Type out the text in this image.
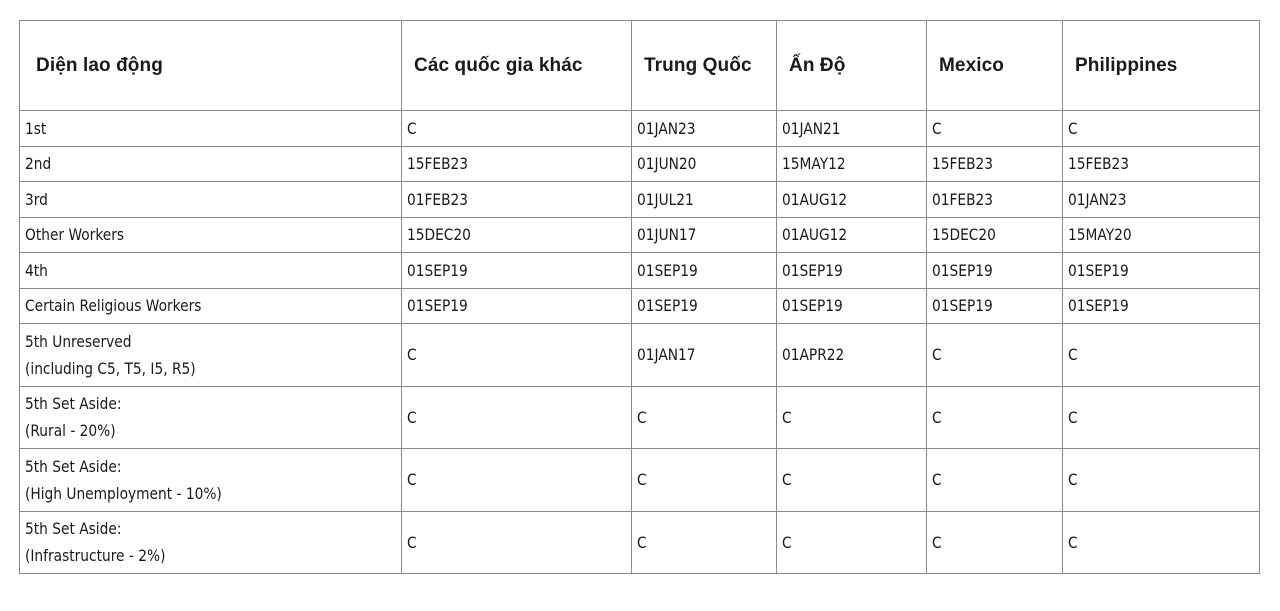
Diện lao động	Các quốc gia khác	Trung Quốc	Ấn Độ	Mexico	Philippines

1st	C	01JAN23	01JAN21	C	C

2nd	15FEB23	01JUN20	15MAY12	15FEB23	15FEB23

3rd	01FEB23	01JUL21	01AUG12	01FEB23	01JAN23

Other Workers	15DEC20	01JUN17	01AUG12	15DEC20	15MAY20

4th	01SEP19	01SEP19	01SEP19	01SEP19	01SEP19

Certain Religious Workers	01SEP19	01SEP19	01SEP19	01SEP19	01SEP19

5th Unreserved
(including C5, T5, I5, R5)	C	01JAN17	01APR22	C	C

5th Set Aside:
(Rural - 20%)	C	C	C	C	C

5th Set Aside:
(High Unemployment - 10%)	C	C	C	C	C

5th Set Aside:
(Infrastructure - 2%)	C	C	C	C	C
